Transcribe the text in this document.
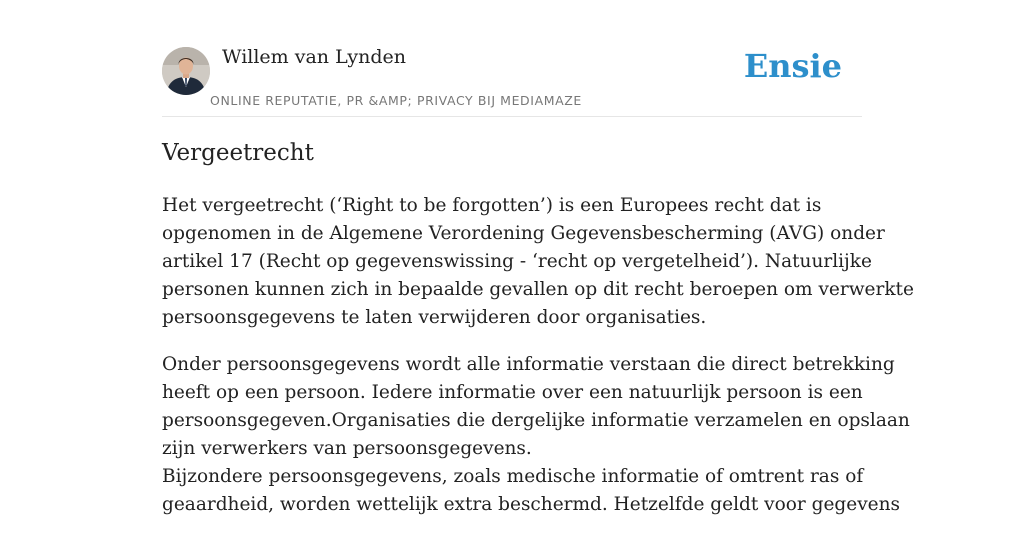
Willem van Lynden
ONLINE REPUTATIE, PR &AMP; PRIVACY BIJ MEDIAMAZE
Ensie
Vergeetrecht

Het vergeetrecht (‘Right to be forgotten’) is een Europees recht dat is
opgenomen in de Algemene Verordening Gegevensbescherming (AVG) onder
artikel 17 (Recht op gegevenswissing - ‘recht op vergetelheid’). Natuurlijke
personen kunnen zich in bepaalde gevallen op dit recht beroepen om verwerkte
persoonsgegevens te laten verwijderen door organisaties.

Onder persoonsgegevens wordt alle informatie verstaan die direct betrekking
heeft op een persoon. Iedere informatie over een natuurlijk persoon is een
persoonsgegeven.Organisaties die dergelijke informatie verzamelen en opslaan
zijn verwerkers van persoonsgegevens.
Bijzondere persoonsgegevens, zoals medische informatie of omtrent ras of
geaardheid, worden wettelijk extra beschermd. Hetzelfde geldt voor gegevens
